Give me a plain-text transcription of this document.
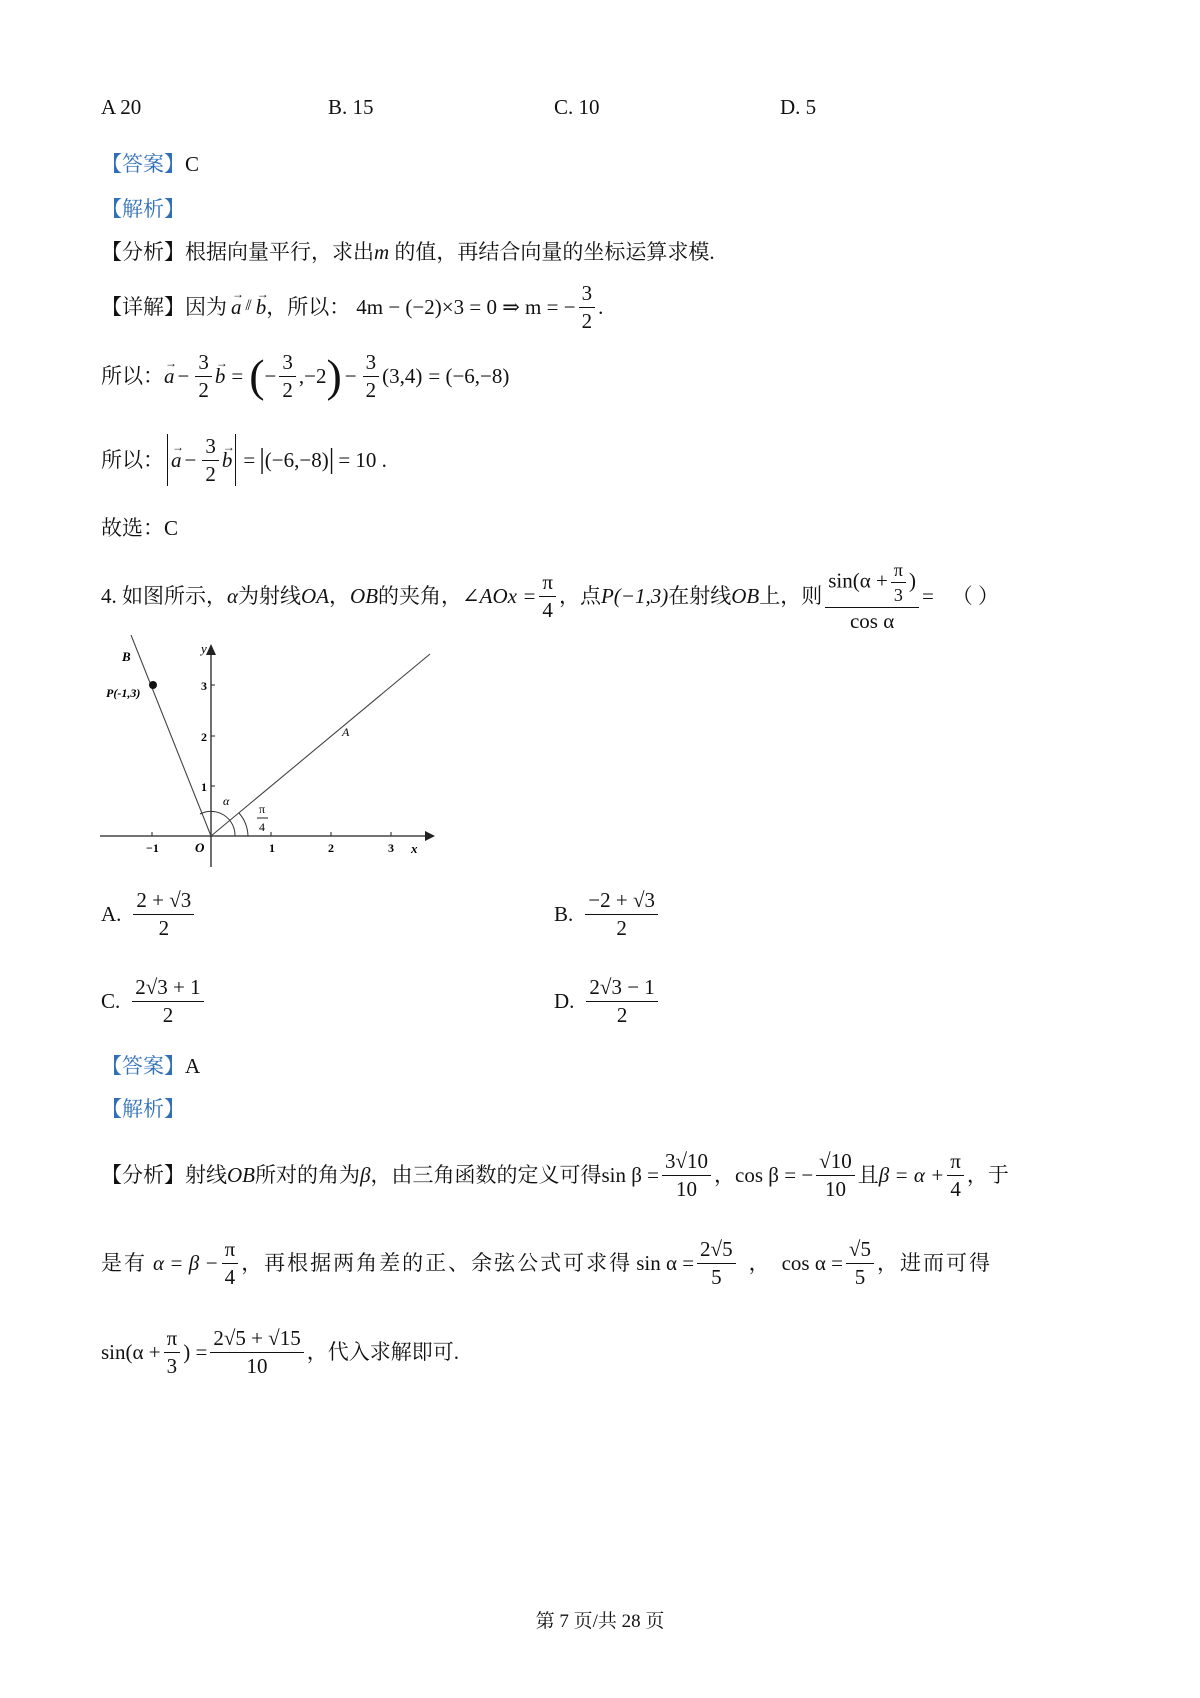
A 20	B. 15	C. 10	D. 5
【答案】C
【解析】
【分析】根据向量平行，求出m 的值，再结合向量的坐标运算求模.
【详解】 因为
→ a ⫽
→ b ，所以： 4m − (−2)×3 = 0 ⇒ m = − $\frac{3}{2}$ .
所以：
→ $a - \frac{3}{2}$
→ b = ( − $\frac{3}{2} ,-2$ ) − $\frac{3}{2} (3,4) = (-6,-8)$
所以：
→ $a - \frac{3}{2}$
→ b = | (−6,−8) | = 10 .
故选：C
4. 如图所示， α 为射线 OA ， OB 的夹角， ∠AOx = $\frac{\pi}{4}$ ，点 P(−1,3) 在射线 OB 上，则 $\frac{\sin(\alpha + \frac{\pi}{3} )}{\text{cos α}}$ = （ ）
B
P(-1,3)
y
x
O
A
α
π
4
−1	1	2	3
1
2
3
A. $\frac{2 + √3}{2}$	B. $\frac{-2 + √3}{2}$
C. $\frac{2√3 + 1}{2}$	D. $\frac{2√3 - 1}{2}$
【答案】A
【解析】
【分析】 射线 OB 所对的角为 β ，由三角函数的定义可得 $\sin \beta = \frac{3√10}{10}$ ， cos β = − $\frac{√10}{10}$ 且 $\beta = \alpha + \frac{\pi}{4}$ ，于
是有 $\alpha = \beta - \frac{\pi}{4}$ ，再根据两角差的正、余弦公式可求得 $\sin \alpha = \frac{2√5}{5}$ ， $\cos \alpha = \frac{√5}{5}$ ，进而可得
$\sin(\alpha + \frac{\pi}{3}$ ) = $\frac{2√5 + √15}{10}$ ，代入求解即可.
第 7 页/共 28 页
